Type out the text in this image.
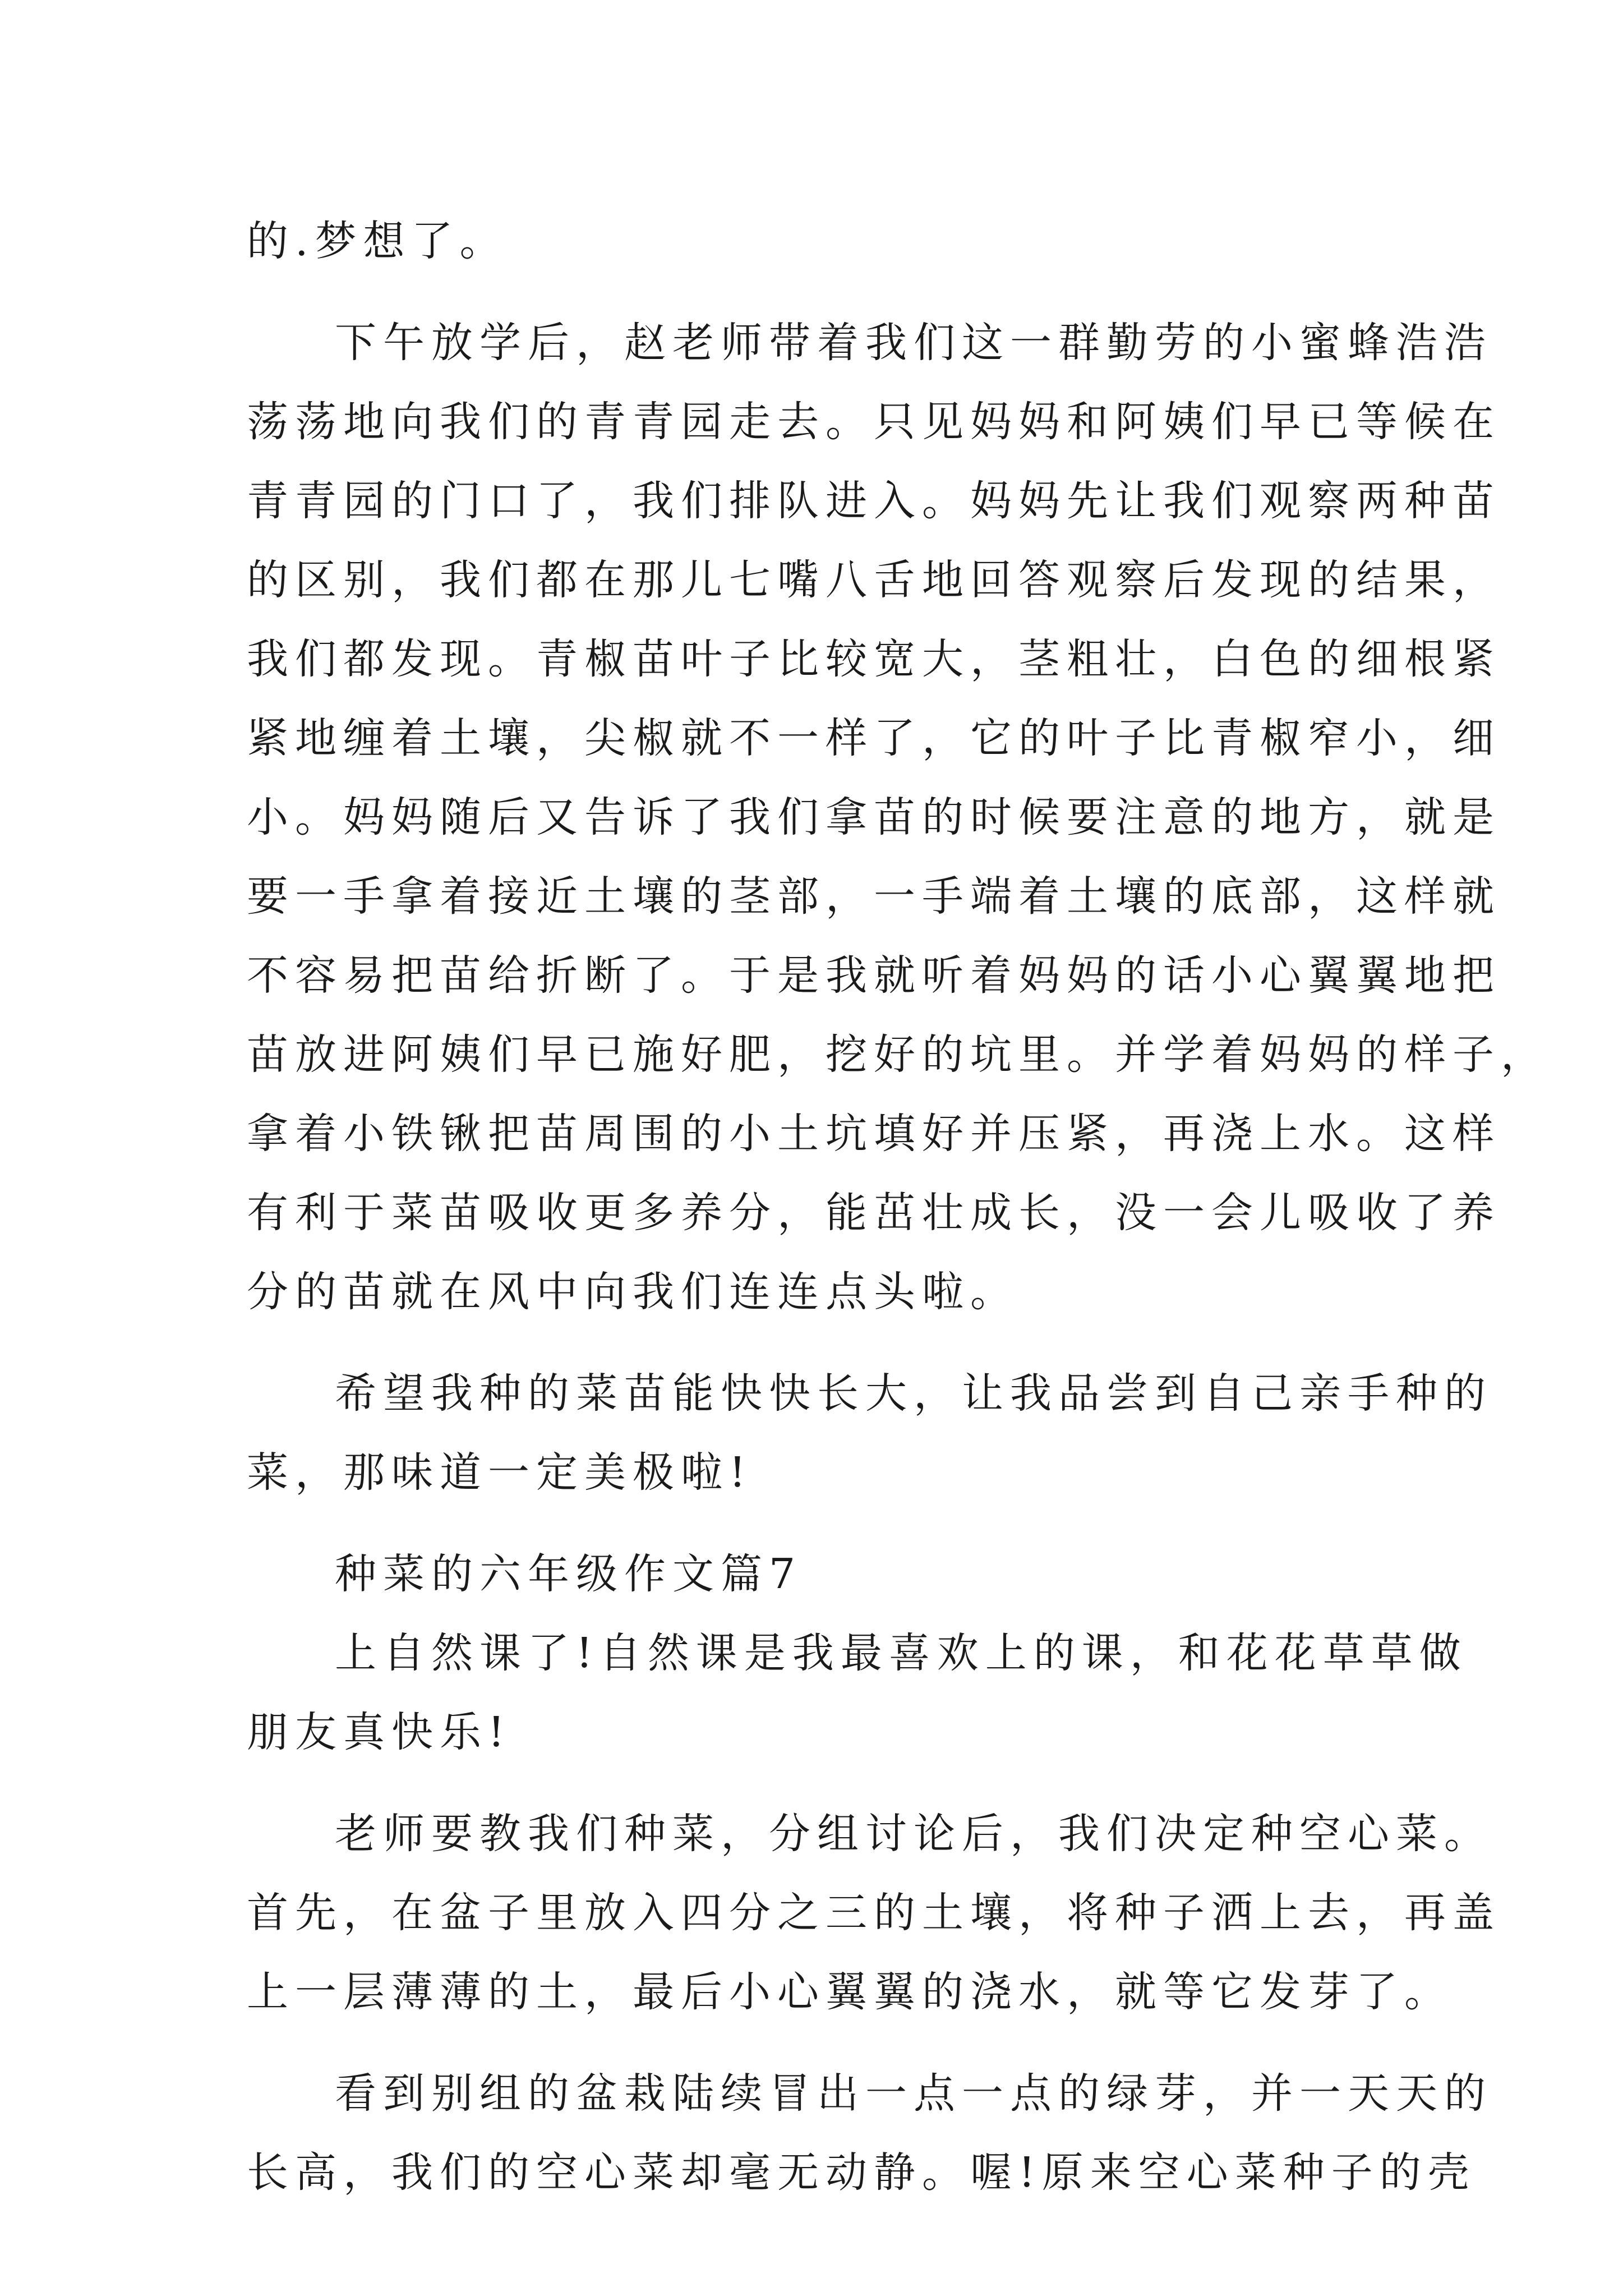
的.梦想了。
下午放学后，赵老师带着我们这一群勤劳的小蜜蜂浩浩
荡荡地向我们的青青园走去。只见妈妈和阿姨们早已等候在
青青园的门口了，我们排队进入。妈妈先让我们观察两种苗
的区别，我们都在那儿七嘴八舌地回答观察后发现的结果，
我们都发现。青椒苗叶子比较宽大，茎粗壮，白色的细根紧
紧地缠着土壤，尖椒就不一样了，它的叶子比青椒窄小，细
小。妈妈随后又告诉了我们拿苗的时候要注意的地方，就是
要一手拿着接近土壤的茎部，一手端着土壤的底部，这样就
不容易把苗给折断了。于是我就听着妈妈的话小心翼翼地把
苗放进阿姨们早已施好肥，挖好的坑里。并学着妈妈的样子，
拿着小铁锹把苗周围的小土坑填好并压紧，再浇上水。这样
有利于菜苗吸收更多养分，能茁壮成长，没一会儿吸收了养
分的苗就在风中向我们连连点头啦。
希望我种的菜苗能快快长大，让我品尝到自己亲手种的
菜，那味道一定美极啦!
种菜的六年级作文篇7
上自然课了!自然课是我最喜欢上的课，和花花草草做
朋友真快乐!
老师要教我们种菜，分组讨论后，我们决定种空心菜。
首先，在盆子里放入四分之三的土壤，将种子洒上去，再盖
上一层薄薄的土，最后小心翼翼的浇水，就等它发芽了。
看到别组的盆栽陆续冒出一点一点的绿芽，并一天天的
长高，我们的空心菜却毫无动静。喔!原来空心菜种子的壳
